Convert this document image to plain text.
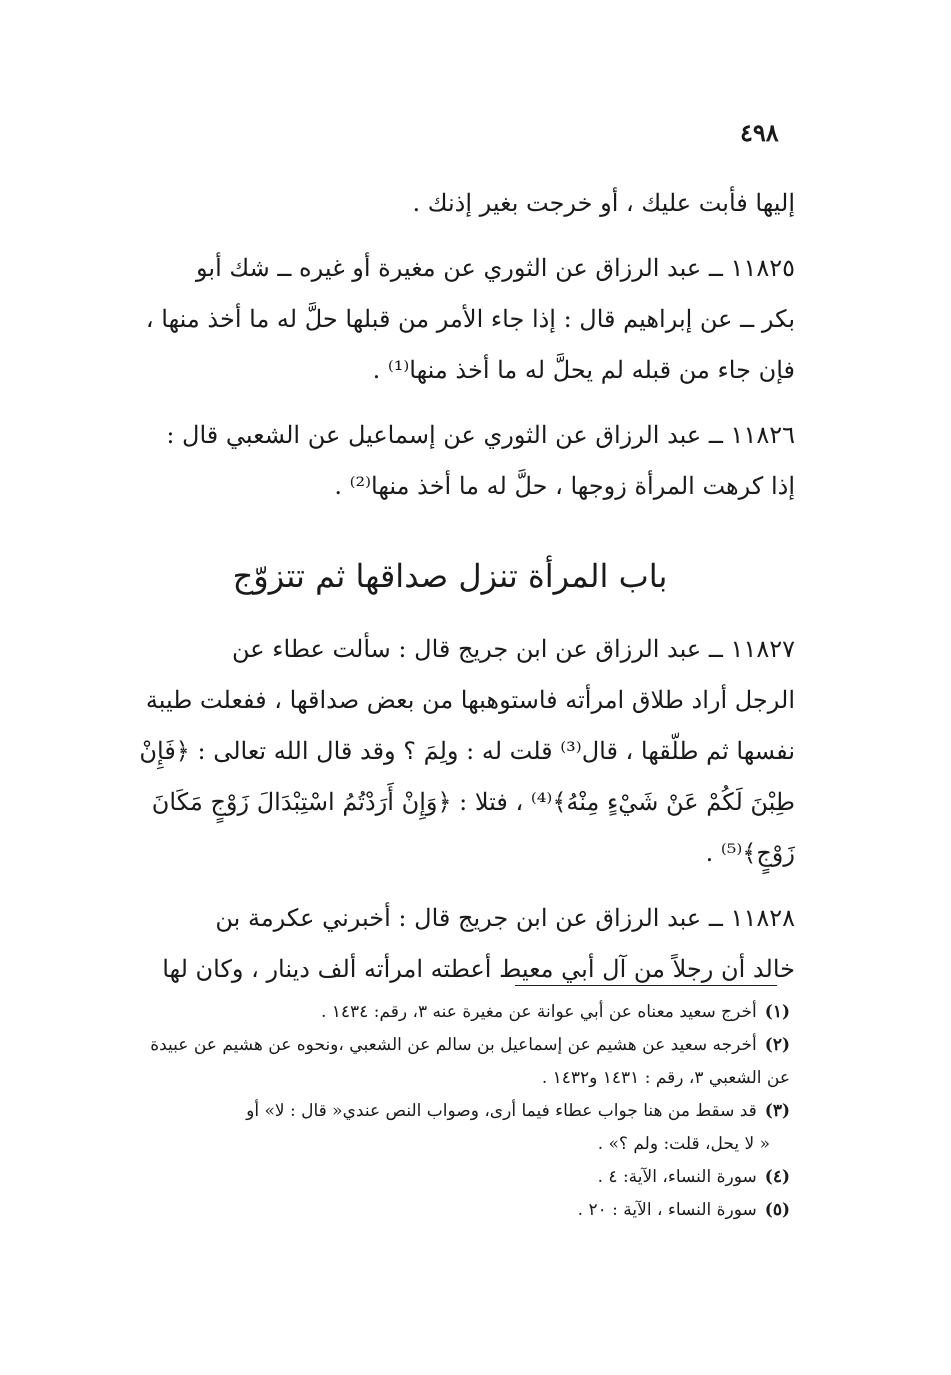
٤٩٨

إليها فأبت عليك ، أو خرجت بغير إذنك .

١١٨٢٥ ــ عبد الرزاق عن الثوري عن مغيرة أو غيره ــ شك أبو
بكر ــ عن إبراهيم قال : إذا جاء الأمر من قبلها حلَّ له ما أخذ منها ،
فإن جاء من قبله لم يحلَّ له ما أخذ منها⁽¹⁾ .

١١٨٢٦ ــ عبد الرزاق عن الثوري عن إسماعيل عن الشعبي قال :
إذا كرهت المرأة زوجها ، حلَّ له ما أخذ منها⁽²⁾ .

باب المرأة تنزل صداقها ثم تتزوّج

١١٨٢٧ ــ عبد الرزاق عن ابن جريج قال : سألت عطاء عن
الرجل أراد طلاق امرأته فاستوهبها من بعض صداقها ، ففعلت طيبة
نفسها ثم طلّقها ، قال⁽³⁾ قلت له : ولِمَ ؟ وقد قال الله تعالى : ﴿فَإِنْ
طِبْنَ لَكُمْ عَنْ شَيْءٍ مِنْهُ﴾⁽⁴⁾ ، فتلا : ﴿وَإِنْ أَرَدْتُمُ اسْتِبْدَالَ زَوْجٍ مَكَانَ
زَوْجٍ﴾⁽⁵⁾ .

١١٨٢٨ ــ عبد الرزاق عن ابن جريج قال : أخبرني عكرمة بن
خالد أن رجلاً من آل أبي معيط أعطته امرأته ألف دينار ، وكان لها

(١)أخرج سعيد معناه عن أبي عوانة عن مغيرة عنه ٣، رقم: ١٤٣٤ .

(٢)أخرجه سعيد عن هشيم عن إسماعيل بن سالم عن الشعبي ،ونحوه عن هشيم عن عبيدة

عن الشعبي ٣، رقم : ١٤٣١ و١٤٣٢ .

(٣)قد سقط من هنا جواب عطاء فيما أرى، وصواب النص عندي« قال : لا» أو

« لا يحل، قلت: ولم ؟» .

(٤)سورة النساء، الآية: ٤ .

(٥)سورة النساء ، الآية : ٢٠ .
